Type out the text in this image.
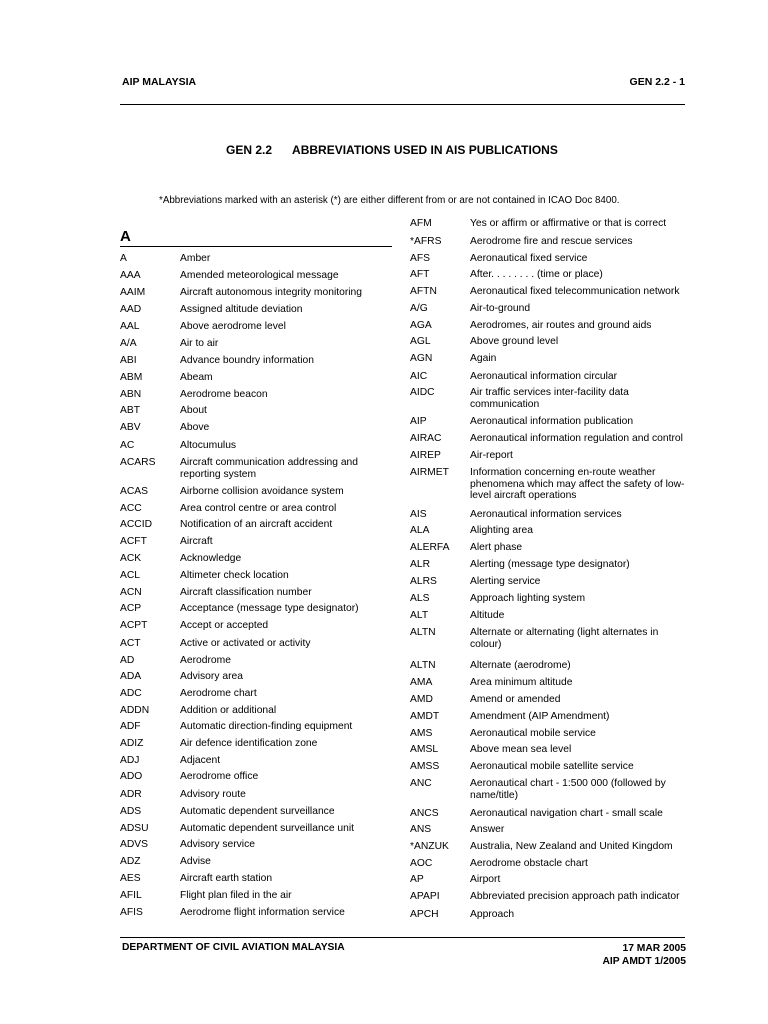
AIP MALAYSIA	GEN 2.2 - 1
GEN 2.2 ABBREVIATIONS USED IN AIS PUBLICATIONS
*Abbreviations marked with an asterisk (*) are either different from or are not contained in ICAO Doc 8400.
A
A	Amber
AAA	Amended meteorological message
AAIM	Aircraft autonomous integrity monitoring
AAD	Assigned altitude deviation
AAL	Above aerodrome level
A/A	Air to air
ABI	Advance boundry information
ABM	Abeam
ABN	Aerodrome beacon
ABT	About
ABV	Above
AC	Altocumulus
ACARS Aircraft communication addressing and reporting system
ACAS	Airborne collision avoidance system
ACC	Area control centre or area control
ACCID	Notification of an aircraft accident
ACFT	Aircraft
ACK	Acknowledge
ACL	Altimeter check location
ACN	Aircraft classification number
ACP	Acceptance (message type designator)
ACPT	Accept or accepted
ACT	Active or activated or activity
AD	Aerodrome
ADA	Advisory area
ADC	Aerodrome chart
ADDN	Addition or additional
ADF	Automatic direction-finding equipment
ADIZ	Air defence identification zone
ADJ	Adjacent
ADO	Aerodrome office
ADR	Advisory route
ADS	Automatic dependent surveillance
ADSU	Automatic dependent surveillance unit
ADVS	Advisory service
ADZ	Advise
AES	Aircraft earth station
AFIL	Flight plan filed in the air
AFIS	Aerodrome flight information service
AFM	Yes or affirm or affirmative or that is correct
*AFRS	Aerodrome fire and rescue services
AFS	Aeronautical fixed service
AFT	After. . . . . . . . (time or place)
AFTN	Aeronautical fixed telecommunication network
A/G	Air-to-ground
AGA	Aerodromes, air routes and ground aids
AGL	Above ground level
AGN	Again
AIC	Aeronautical information circular
AIDC	Air traffic services inter-facility data communication
AIP	Aeronautical information publication
AIRAC	Aeronautical information regulation and control
AIREP	Air-report
AIRMET Information concerning en-route weather phenomena which may affect the safety of low-level aircraft operations
AIS	Aeronautical information services
ALA	Alighting area
ALERFA Alert phase
ALR	Alerting (message type designator)
ALRS	Alerting service
ALS	Approach lighting system
ALT	Altitude
ALTN	Alternate or alternating (light alternates in colour)
ALTN	Alternate (aerodrome)
AMA	Area minimum altitude
AMD	Amend or amended
AMDT	Amendment (AIP Amendment)
AMS	Aeronautical mobile service
AMSL	Above mean sea level
AMSS	Aeronautical mobile satellite service
ANC	Aeronautical chart - 1:500 000 (followed by name/title)
ANCS	Aeronautical navigation chart - small scale
ANS	Answer
*ANZUK Australia, New Zealand and United Kingdom
AOC	Aerodrome obstacle chart
AP	Airport
APAPI	Abbreviated precision approach path indicator
APCH	Approach
DEPARTMENT OF CIVIL AVIATION MALAYSIA	17 MAR 2005
AIP AMDT 1/2005
